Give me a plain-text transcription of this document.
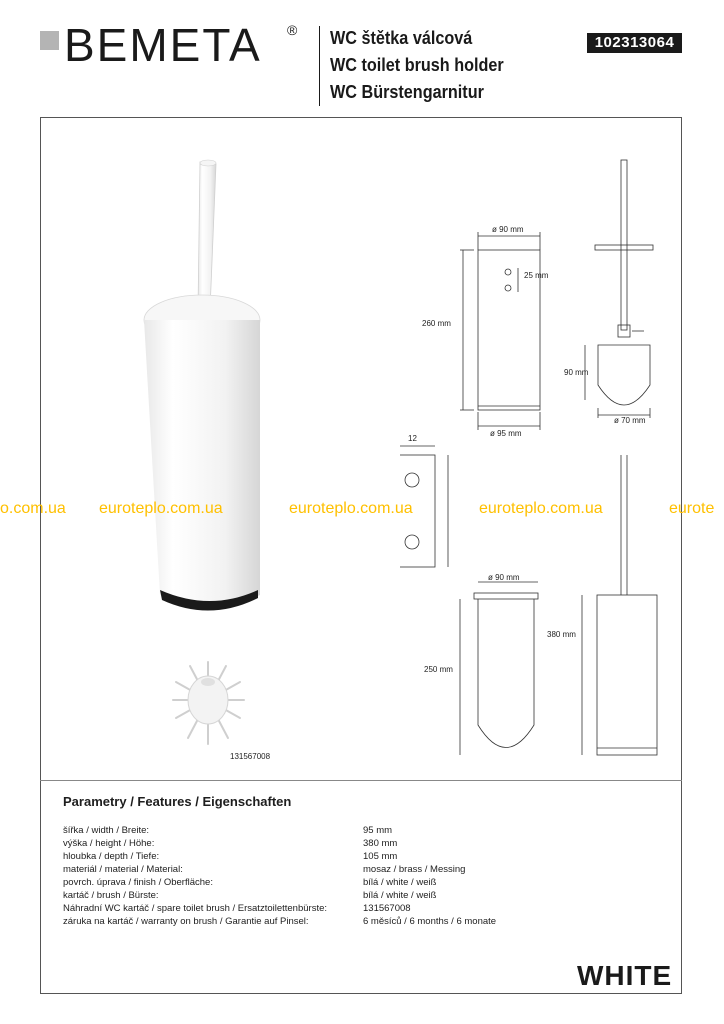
BEMETA ® WC štětka válcová
WC toilet brush holder
WC Bürstengarnitur
102313064
131567008
ø 90 mm
25 mm
260 mm
ø 95 mm
90 mm
ø 70 mm
12
ø 90 mm
250 mm
380 mm
o.com.ua euroteplo.com.ua	euroteplo.com.ua	euroteplo.com.ua	eurote
Parametry / Features / Eigenschaften
šířka / width / Breite:	95 mm
výška / height / Höhe:	380 mm
hloubka / depth / Tiefe:	105 mm
materiál / material / Material:	mosaz / brass / Messing
povrch. úprava / finish / Oberfläche:	bílá / white / weiß
kartáč / brush / Bürste:	bílá / white / weiß
Náhradní WC kartáč / spare toilet brush / Ersatztoilettenbürste:	131567008
záruka na kartáč / warranty on brush / Garantie auf Pinsel:	6 měsíců / 6 months / 6 monate
WHITE
